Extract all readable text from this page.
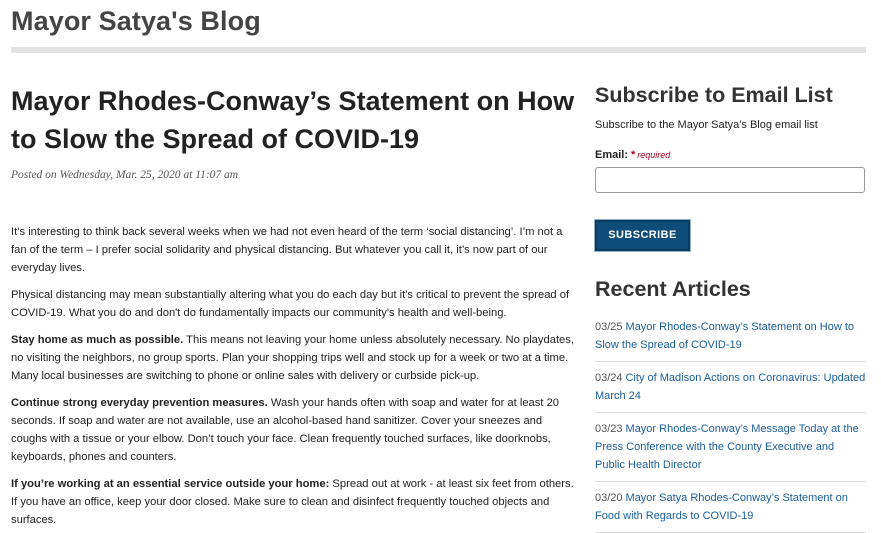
Mayor Satya's Blog
Mayor Rhodes-Conway’s Statement on How to Slow the Spread of COVID-19
Posted on Wednesday, Mar. 25, 2020 at 11:07 am

It’s interesting to think back several weeks when we had not even heard of the term ‘social distancing’. I’m not a fan of the term – I prefer social solidarity and physical distancing. But whatever you call it, it’s now part of our everyday lives.

Physical distancing may mean substantially altering what you do each day but it's critical to prevent the spread of COVID-19. What you do and don't do fundamentally impacts our community's health and well-being.

Stay home as much as possible. This means not leaving your home unless absolutely necessary. No playdates, no visiting the neighbors, no group sports. Plan your shopping trips well and stock up for a week or two at a time. Many local businesses are switching to phone or online sales with delivery or curbside pick-up.

Continue strong everyday prevention measures. Wash your hands often with soap and water for at least 20 seconds. If soap and water are not available, use an alcohol-based hand sanitizer. Cover your sneezes and coughs with a tissue or your elbow. Don’t touch your face. Clean frequently touched surfaces, like doorknobs, keyboards, phones and counters.

If you’re working at an essential service outside your home: Spread out at work - at least six feet from others. If you have an office, keep your door closed. Make sure to clean and disinfect frequently touched objects and surfaces.

Subscribe to Email List
Subscribe to the Mayor Satya's Blog email list
Email: * required
SUBSCRIBE
Recent Articles
03/25 Mayor Rhodes-Conway’s Statement on How to Slow the Spread of COVID-19
03/24 City of Madison Actions on Coronavirus: Updated March 24
03/23 Mayor Rhodes-Conway’s Message Today at the Press Conference with the County Executive and Public Health Director
03/20 Mayor Satya Rhodes-Conway’s Statement on Food with Regards to COVID-19
